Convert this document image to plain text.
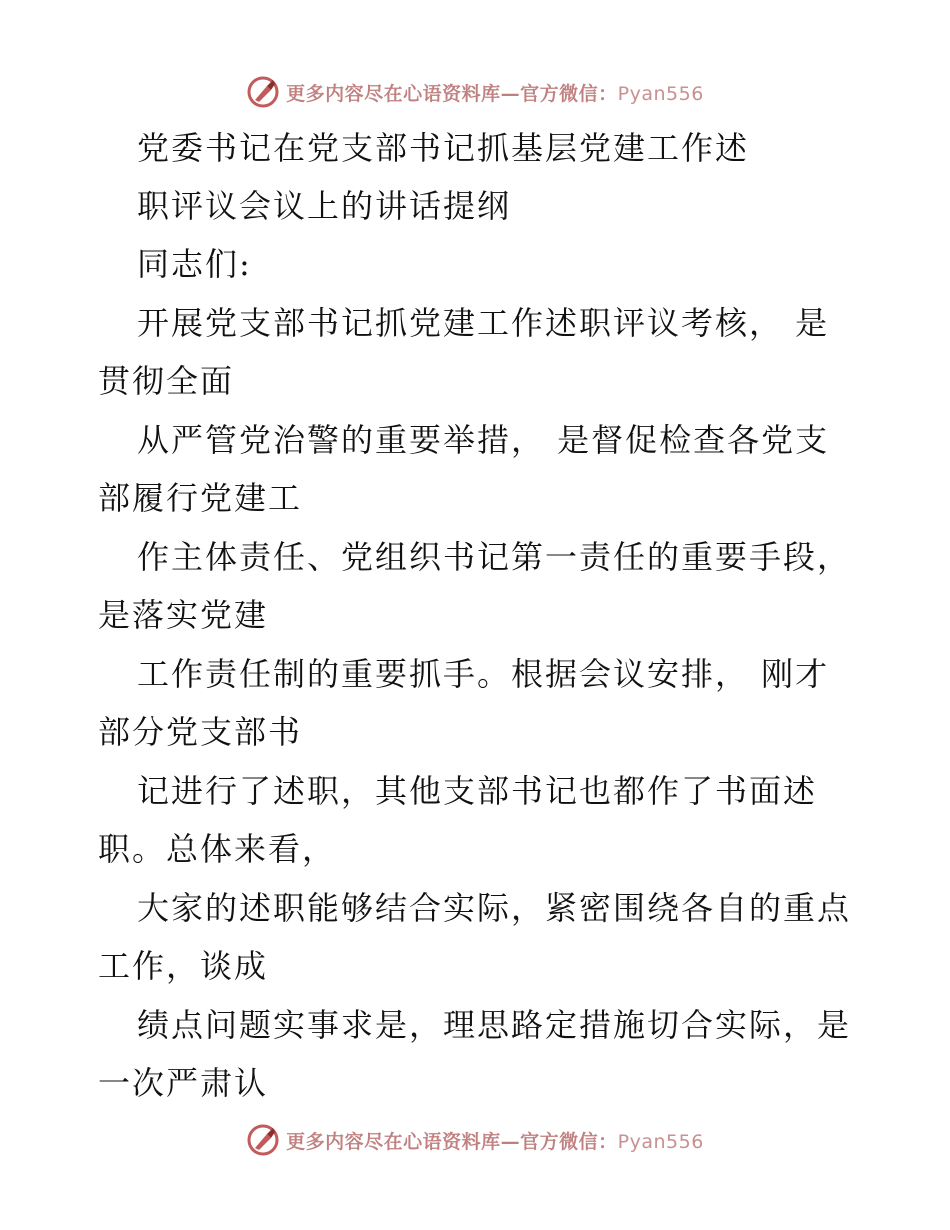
更多内容尽在心语资料库—官方微信：Pyan556
党委书记在党支部书记抓基层党建工作述
职评议会议上的讲话提纲
同志们:
开展党支部书记抓党建工作述职评议考核， 是
贯彻全面
从严管党治警的重要举措， 是督促检查各党支
部履行党建工
作主体责任、党组织书记第一责任的重要手段，
是落实党建
工作责任制的重要抓手。根据会议安排， 刚才
部分党支部书
记进行了述职，其他支部书记也都作了书面述
职。总体来看，
大家的述职能够结合实际，紧密围绕各自的重点
工作，谈成
绩点问题实事求是，理思路定措施切合实际，是
一次严肃认
更多内容尽在心语资料库—官方微信：Pyan556
